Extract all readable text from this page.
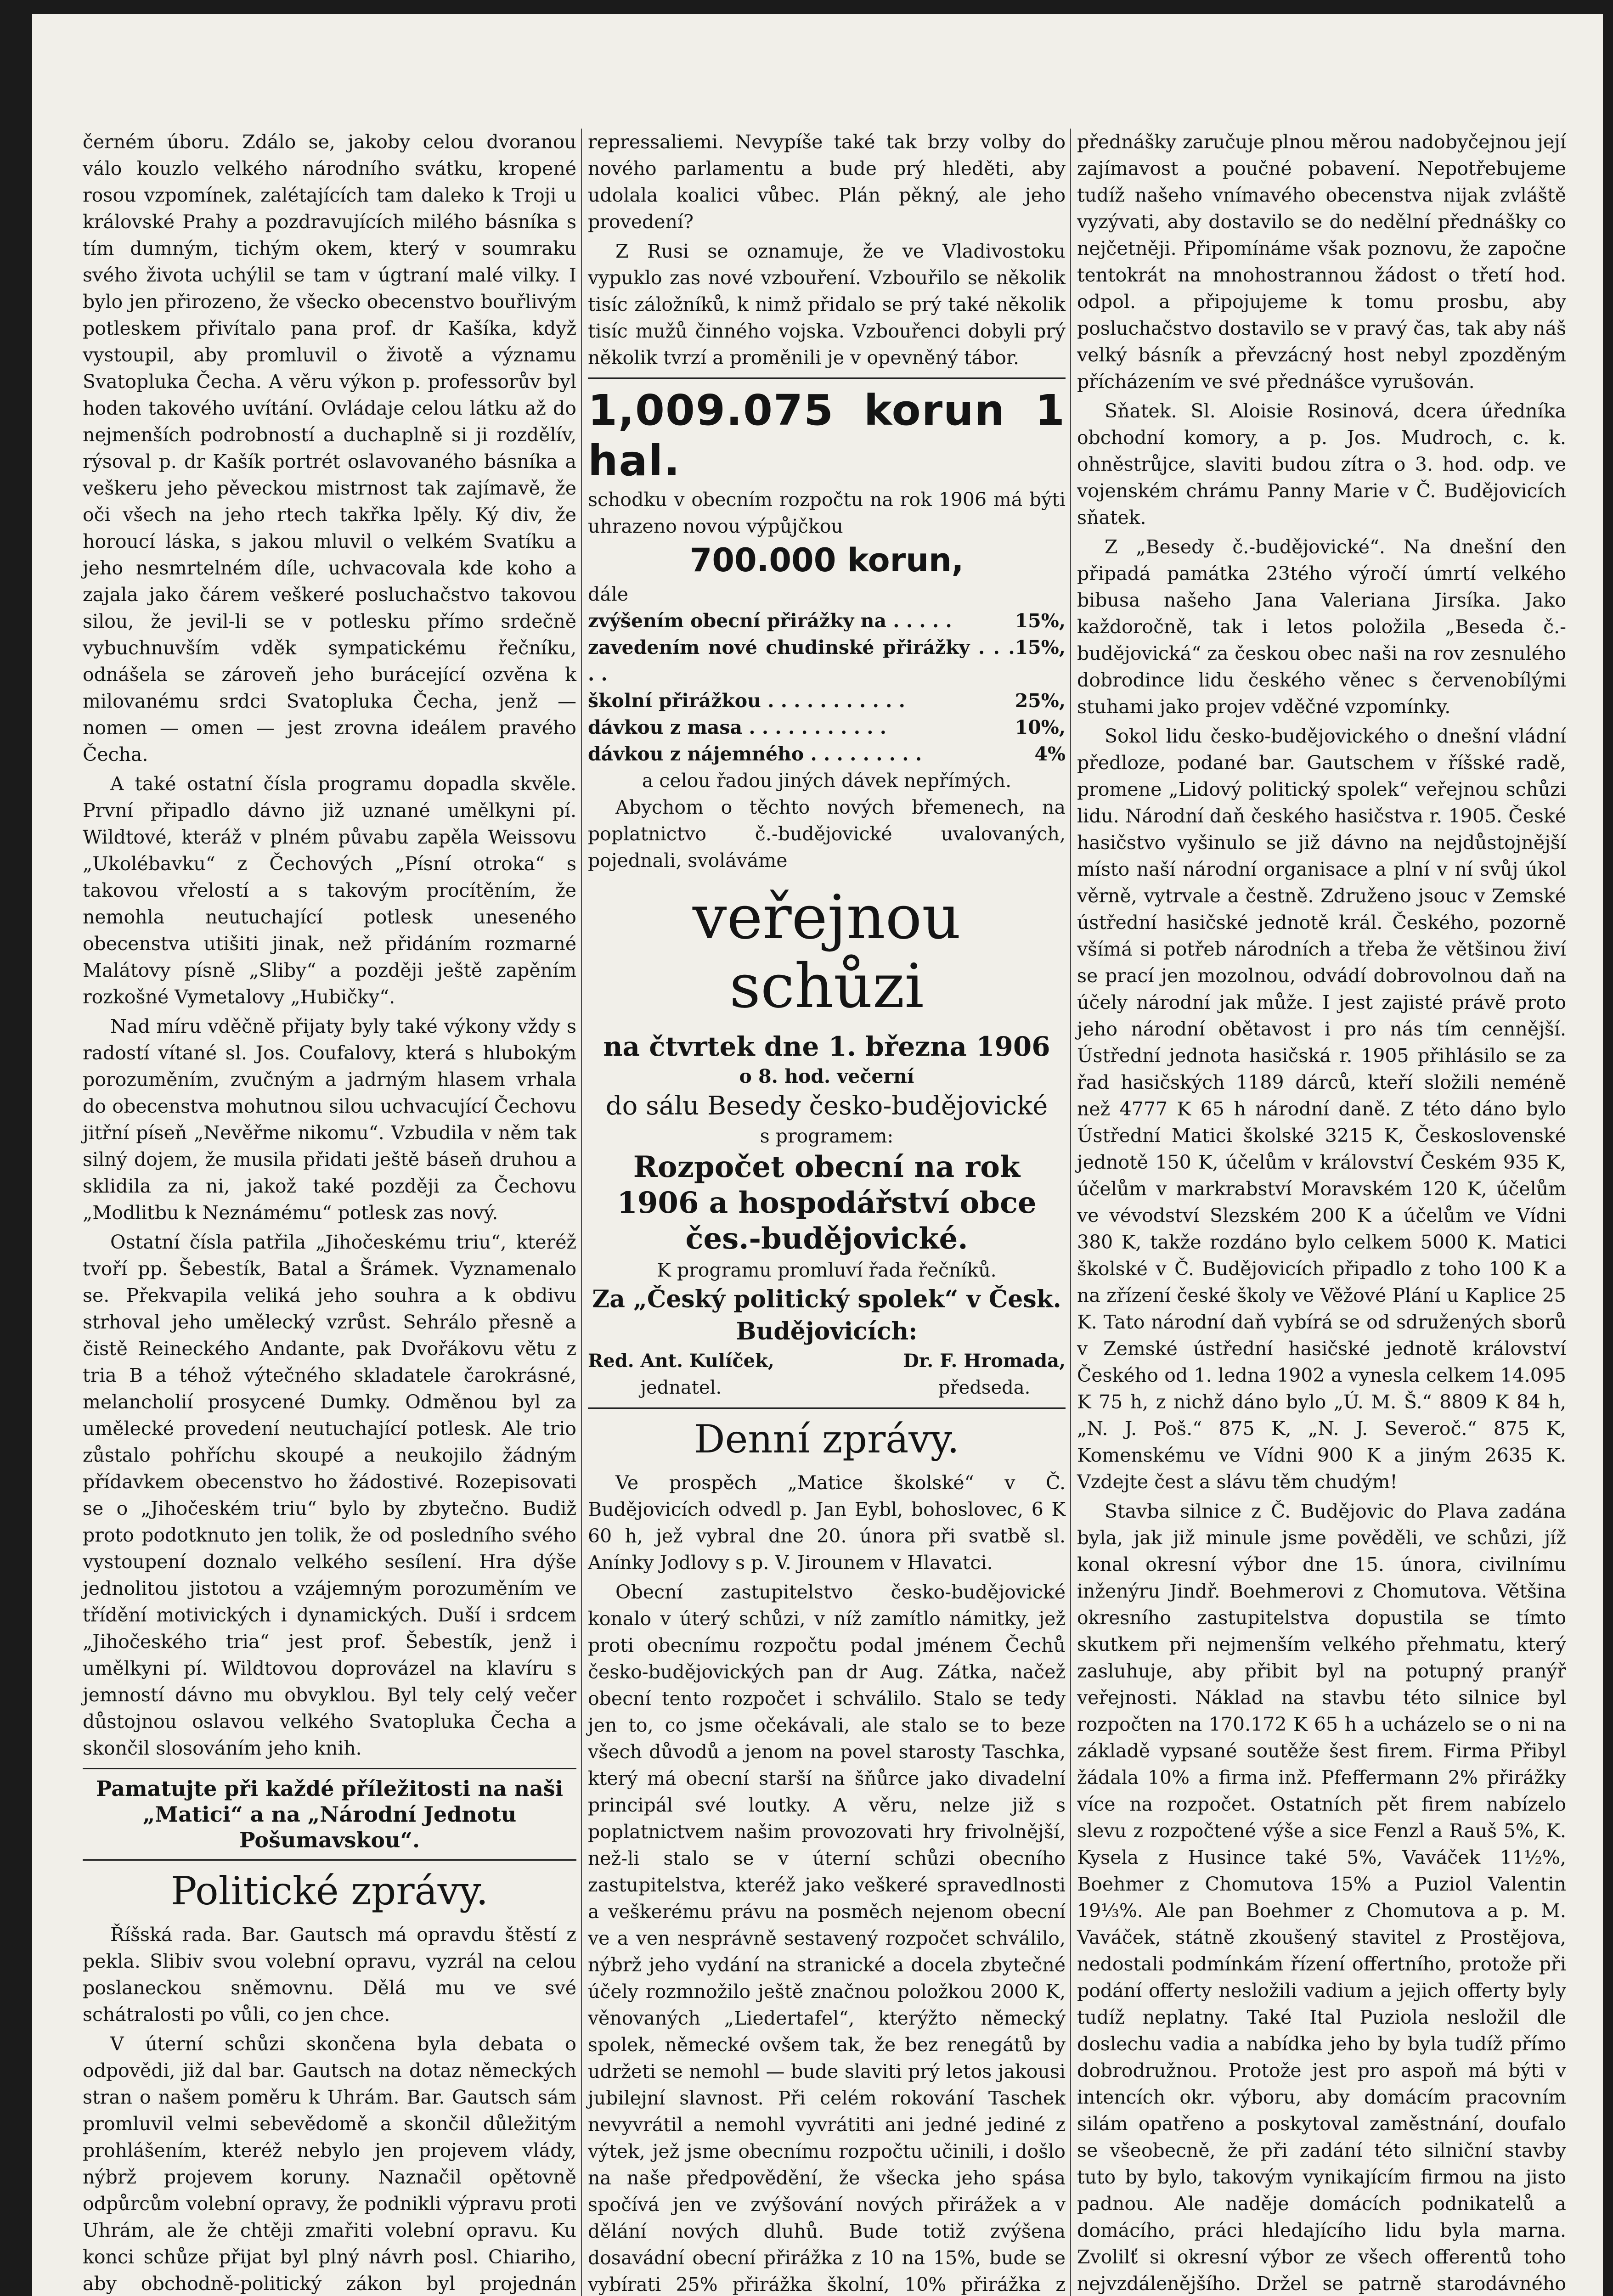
černém úboru. Zdálo se, jakoby celou dvoranou válo kouzlo velkého národního svátku, kropené rosou vzpomínek, zalétajících tam daleko k Troji u královské Prahy a pozdravujících milého básníka s tím dumným, tichým okem, který v soumraku svého života uchýlil se tam v úgtraní malé vilky. I bylo jen přirozeno, že všecko obecenstvo bouřlivým potleskem přivítalo pana prof. dr Kašíka, když vystoupil, aby promluvil o životě a významu Svatopluka Čecha. A věru výkon p. professorův byl hoden takového uvítání. Ovládaje celou látku až do nejmenších podrobností a duchaplně si ji rozdělív, rýsoval p. dr Kašík portrét oslavovaného básníka a veškeru jeho pěveckou mistrnost tak zajímavě, že oči všech na jeho rtech takřka lpěly. Ký div, že horoucí láska, s jakou mluvil o velkém Svatíku a jeho nesmrtelném díle, uchvacovala kde koho a zajala jako čárem veškeré posluchačstvo takovou silou, že jevil-li se v potlesku přímo srdečně vybuchnuvším vděk sympatickému řečníku, odnášela se zároveň jeho burácející ozvěna k milovanému srdci Svatopluka Čecha, jenž — nomen — omen — jest zrovna ideálem pravého Čecha.

A také ostatní čísla programu dopadla skvěle. První připadlo dávno již uznané umělkyni pí. Wildtové, kteráž v plném půvabu zapěla Weissovu „Ukolébavku“ z Čechových „Písní otroka“ s takovou vřelostí a s takovým procítěním, že nemohla neutuchající potlesk uneseného obecenstva utišiti jinak, než přidáním rozmarné Malátovy písně „Sliby“ a později ještě zapěním rozkošné Vymetalovy „Hubičky“.

Nad míru vděčně přijaty byly také výkony vždy s radostí vítané sl. Jos. Coufalovy, která s hlubokým porozuměním, zvučným a jadrným hlasem vrhala do obecenstva mohutnou silou uchvacující Čechovu jitřní píseň „Nevěřme nikomu“. Vzbudila v něm tak silný dojem, že musila přidati ještě báseň druhou a sklidila za ni, jakož také později za Čechovu „Modlitbu k Neznámému“ potlesk zas nový.

Ostatní čísla patřila „Jihočeskému triu“, kteréž tvoří pp. Šebestík, Batal a Šrámek. Vyznamenalo se. Překvapila veliká jeho souhra a k obdivu strhoval jeho umělecký vzrůst. Sehrálo přesně a čistě Reineckého Andante, pak Dvořákovu větu z tria B a téhož výtečného skladatele čarokrásné, melancholií prosycené Dumky. Odměnou byl za umělecké provedení neutuchající potlesk. Ale trio zůstalo pohříchu skoupé a neukojilo žádným přídavkem obecenstvo ho žádostivé. Rozepisovati se o „Jihočeském triu“ bylo by zbytečno. Budiž proto podotknuto jen tolik, že od posledního svého vystoupení doznalo velkého sesílení. Hra dýše jednolitou jistotou a vzájemným porozuměním ve třídění motivických i dynamických. Duší i srdcem „Jihočeského tria“ jest prof. Šebestík, jenž i umělkyni pí. Wildtovou doprovázel na klavíru s jemností dávno mu obvyklou. Byl tely celý večer důstojnou oslavou velkého Svatopluka Čecha a skončil slosováním jeho knih.

Pamatujte při každé příležitosti na naši „Matici“ a na „Národní Jednotu Pošumavskou“.
Politické zprávy.

Říšská rada. Bar. Gautsch má opravdu štěstí z pekla. Slibiv svou volební opravu, vyzrál na celou poslaneckou sněmovnu. Dělá mu ve své schátralosti po vůli, co jen chce.

V úterní schůzi skončena byla debata o odpovědi, již dal bar. Gautsch na dotaz německých stran o našem poměru k Uhrám. Bar. Gautsch sám promluvil velmi sebevědomě a skončil důležitým prohlášením, kteréž nebylo jen projevem vlády, nýbrž projevem koruny. Naznačil opětovně odpůrcům volební opravy, že podnikli výpravu proti Uhrám, ale že chtěji zmařiti volební opravu. Ku konci schůze přijat byl plný návrh posl. Chiariho, aby obchodně-politický zákon byl projednán

repressaliemi. Nevypíše také tak brzy volby do nového parlamentu a bude prý hleděti, aby udolala koalici vůbec. Plán pěkný, ale jeho provedení?

Z Rusi se oznamuje, že ve Vladivostoku vypuklo zas nové vzbouření. Vzbouřilo se několik tisíc záložníků, k nimž přidalo se prý také několik tisíc mužů činného vojska. Vzbouřenci dobyli prý několik tvrzí a proměnili je v opevněný tábor.

1,009.075 korun 1 hal.
schodku v obecním rozpočtu na rok 1906 má býti uhrazeno novou výpůjčkou
700.000 korun,
dále
zvýšením obecní přirážky na . . . . .	15%,
zavedením nové chudinské přirážky . . . . .
15%,
školní přirážkou . . . . . . . . . . .	25%,
dávkou z masa . . . . . . . . . . .	10%,
dávkou z nájemného . . . . . . . . .	4%
a celou řadou jiných dávek nepřímých.

Abychom o těchto nových břemenech, na poplatnictvo č.-budějovické uvalovaných, pojednali, svoláváme

veřejnou schůzi
na čtvrtek dne 1. března 1906
o 8. hod. večerní
do sálu Besedy česko-budějovické
s programem:
Rozpočet obecní na rok 1906 a hospodářství obce čes.-budějovické.
K programu promluví řada řečníků.
Za „Český politický spolek“ v Česk. Budějovicích:
Red. Ant. Kulíček,
jednatel.
Dr. F. Hromada,
předseda.
Denní zprávy.

Ve prospěch „Matice školské“ v Č. Budějovicích odvedl p. Jan Eybl, bohoslovec, 6 K 60 h, jež vybral dne 20. února při svatbě sl. Anínky Jodlovy s p. V. Jirounem v Hlavatci.

Obecní zastupitelstvo česko-budějovické konalo v úterý schůzi, v níž zamítlo námitky, jež proti obecnímu rozpočtu podal jménem Čechů česko-budějovických pan dr Aug. Zátka, načež obecní tento rozpočet i schválilo. Stalo se tedy jen to, co jsme očekávali, ale stalo se to beze všech důvodů a jenom na povel starosty Taschka, který má obecní starší na šňůrce jako divadelní principál své loutky. A věru, nelze již s poplatnictvem našim provozovati hry frivolnější, než-li stalo se v úterní schůzi obecního zastupitelstva, kteréž jako veškeré spravedlnosti a veškerému právu na posměch nejenom obecní ve a ven nesprávně sestavený rozpočet schválilo, nýbrž jeho vydání na stranické a docela zbytečné účely rozmnožilo ještě značnou položkou 2000 K, věnovaných „Liedertafel“, kterýžto německý spolek, německé ovšem tak, že bez renegátů by udržeti se nemohl — bude slaviti prý letos jakousi jubilejní slavnost. Při celém rokování Taschek nevyvrátil a nemohl vyvrátiti ani jedné jediné z výtek, jež jsme obecnímu rozpočtu učinili, i došlo na naše předpovědění, že všecka jeho spása spočívá jen ve zvýšování nových přirážek a v dělání nových dluhů. Bude totiž zvýšena dosavádní obecní přirážka z 10 na 15%, bude se vybírati 25% přirážka školní, 10% přirážka z

přednášky zaručuje plnou měrou nadobyčejnou její zajímavost a poučné pobavení. Nepotřebujeme tudíž našeho vnímavého obecenstva nijak zvláště vyzývati, aby dostavilo se do nedělní přednášky co nejčetněji. Připomínáme však poznovu, že započne tentokrát na mnohostrannou žádost o třetí hod. odpol. a připojujeme k tomu prosbu, aby posluchačstvo dostavilo se v pravý čas, tak aby náš velký básník a převzácný host nebyl zpozděným přícházením ve své přednášce vyrušován.

Sňatek. Sl. Aloisie Rosinová, dcera úředníka obchodní komory, a p. Jos. Mudroch, c. k. ohněstrůjce, slaviti budou zítra o 3. hod. odp. ve vojenském chrámu Panny Marie v Č. Budějovicích sňatek.

Z „Besedy č.-budějovické“. Na dnešní den připadá památka 23tého výročí úmrtí velkého bibusa našeho Jana Valeriana Jirsíka. Jako každoročně, tak i letos položila „Beseda č.-budějovická“ za českou obec naši na rov zesnulého dobrodince lidu českého věnec s červenobílými stuhami jako projev vděčné vzpomínky.

Sokol lidu česko-budějovického o dnešní vládní předloze, podané bar. Gautschem v říšské radě, promene „Lidový politický spolek“ veřejnou schůzi lidu. Národní daň českého hasičstva r. 1905. České hasičstvo vyšinulo se již dávno na nejdůstojnější místo naší národní organisace a plní v ní svůj úkol věrně, vytrvale a čestně. Združeno jsouc v Zemské ústřední hasičské jednotě král. Českého, pozorně všímá si potřeb národních a třeba že většinou živí se prací jen mozolnou, odvádí dobrovolnou daň na účely národní jak může. I jest zajisté právě proto jeho národní obětavost i pro nás tím cennější. Ústřední jednota hasičská r. 1905 přihlásilo se za řad hasičských 1189 dárců, kteří složili neméně než 4777 K 65 h národní daně. Z této dáno bylo Ústřední Matici školské 3215 K, Československé jednotě 150 K, účelům v království Českém 935 K, účelům v markrabství Moravském 120 K, účelům ve vévodství Slezském 200 K a účelům ve Vídni 380 K, takže rozdáno bylo celkem 5000 K. Matici školské v Č. Budějovicích připadlo z toho 100 K a na zřízení české školy ve Věžové Plání u Kaplice 25 K. Tato národní daň vybírá se od sdružených sborů v Zemské ústřední hasičské jednotě království Českého od 1. ledna 1902 a vynesla celkem 14.095 K 75 h, z nichž dáno bylo „Ú. M. Š.“ 8809 K 84 h, „N. J. Poš.“ 875 K, „N. J. Severoč.“ 875 K, Komenskému ve Vídni 900 K a jiným 2635 K. Vzdejte čest a slávu těm chudým!

Stavba silnice z Č. Budějovic do Plava zadána byla, jak již minule jsme pověděli, ve schůzi, jíž konal okresní výbor dne 15. února, civilnímu inženýru Jindř. Boehmerovi z Chomutova. Většina okresního zastupitelstva dopustila se tímto skutkem při nejmenším velkého přehmatu, který zasluhuje, aby přibit byl na potupný pranýř veřejnosti. Náklad na stavbu této silnice byl rozpočten na 170.172 K 65 h a ucházelo se o ni na základě vypsané soutěže šest firem. Firma Přibyl žádala 10% a firma inž. Pfeffermann 2% přirážky více na rozpočet. Ostatních pět firem nabízelo slevu z rozpočtené výše a sice Fenzl a Rauš 5%, K. Kysela z Husince také 5%, Vaváček 11½%, Boehmer z Chomutova 15% a Puziol Valentin 19⅓%. Ale pan Boehmer z Chomutova a p. M. Vaváček, státně zkoušený stavitel z Prostějova, nedostali podmínkám řízení offertního, protože při podání offerty nesložili vadium a jejich offerty byly tudíž neplatny. Také Ital Puziola nesložil dle doslechu vadia a nabídka jeho by byla tudíž přímo dobrodružnou. Protože jest pro aspoň má býti v intencích okr. výboru, aby domácím pracovním silám opatřeno a poskytoval zaměstnání, doufalo se všeobecně, že při zadání této silniční stavby tuto by bylo, takovým vynikajícím firmou na jisto padnou. Ale naděje domácích podnikatelů a domácího, práci hledajícího lidu byla marna. Zvolilť si okresní výbor ze všech offerentů toho nejvzdálenějšího. Držel se patrně starodávného
